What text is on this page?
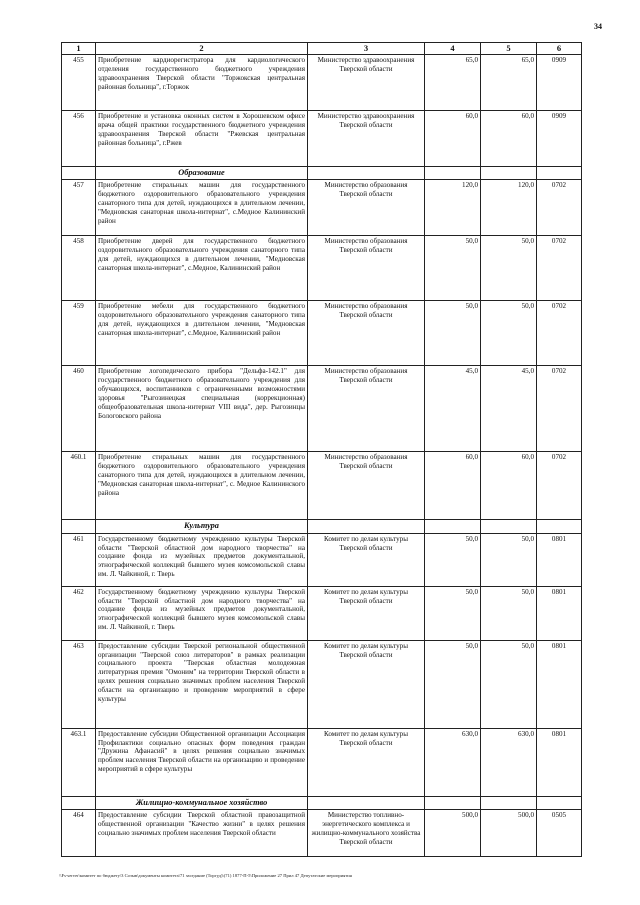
34
1	2	3	4	5	6
455	Приобретение кардиорегистратора для кардиологического отделения государственного бюджетного учреждения здравоохранения Тверской области "Торжокская центральная районная больница", г.Торжок	Министерство здравоохранения Тверской области	65,0	65,0	0909
456	Приобретение и установка оконных систем в Хорошевском офисе врача общей практики государственного бюджетного учреждения здравоохранения Тверской области "Ржевская центральная районная больница", г.Ржев	Министерство здравоохранения Тверской области	60,0	60,0	0909
	Образование				
457	Приобретение стиральных машин для государственного бюджетного оздоровительного образовательного учреждения санаторного типа для детей, нуждающихся в длительном лечении, "Медновская санаторная школа-интернат", с.Медное Калининский район	Министерство образования Тверской области	120,0	120,0	0702
458	Приобретение дверей для государственного бюджетного оздоровительного образовательного учреждения санаторного типа для детей, нуждающихся в длительном лечении, "Медновская санаторная школа-интернат", с.Медное, Калининский район	Министерство образования Тверской области	50,0	50,0	0702
459	Приобретение мебели для государственного бюджетного оздоровительного образовательного учреждения санаторного типа для детей, нуждающихся в длительном лечении, "Медновская санаторная школа-интернат", с.Медное, Калининский район	Министерство образования Тверской области	50,0	50,0	0702
460	Приобретение логопедического прибора "Дельфа-142.1" для государственного бюджетного образовательного учреждения для обучающихся, воспитанников с ограниченными возможностями здоровья "Рыгозинецкая специальная (коррекционная) общеобразовательная школа-интернат VIII вида", дер. Рыгозинцы Бологовского района	Министерство образования Тверской области	45,0	45,0	0702
460.1	Приобретение стиральных машин для государственного бюджетного оздоровительного образовательного учреждения санаторного типа для детей, нуждающихся в длительном лечении, "Медновская санаторная школа-интернат", с. Медное Калининского района	Министерство образования Тверской области	60,0	60,0	0702
	Культура				
461	Государственному бюджетному учреждению культуры Тверской области "Тверской областной дом народного творчества" на создание фонда из музейных предметов документальной, этнографической коллекций бывшего музея комсомольской славы им. Л. Чайкиной, г. Тверь	Комитет по делам культуры Тверской области	50,0	50,0	0801
462	Государственному бюджетному учреждению культуры Тверской области "Тверской областной дом народного творчества" на создание фонда из музейных предметов документальной, этнографической коллекций бывшего музея комсомольской славы им. Л. Чайкиной, г. Тверь	Комитет по делам культуры Тверской области	50,0	50,0	0801
463	Предоставление субсидии Тверской региональной общественной организации "Тверской союз литераторов" в рамках реализации социального проекта "Тверская областная молодежная литературная премия "Омоним" на территории Тверской области в целях решения социально значимых проблем населения Тверской области на организацию и проведение мероприятий в сфере культуры	Комитет по делам культуры Тверской области	50,0	50,0	0801
463.1	Предоставление субсидии Общественной организации Ассоциация Профилактики социально опасных форм поведения граждан "Дружина Афанасий" в целях решения социально значимых проблем населения Тверской области на организацию и проведение мероприятий в сфере культуры	Комитет по делам культуры Тверской области	630,0	630,0	0801
	Жилищно-коммунальное хозяйство				
464	Предоставление субсидии Тверской областной правозащитной общественной организации "Качество жизни" в целях решения социально значимых проблем населения Тверской области	Министерство топливно-энергетического комплекса и жилищно-коммунального хозяйства Тверской области	500,0	500,0	0505
\\Fs-server\комитет по бюджету\3 Созыв\документы комитета\71 заседание (Торгуд)\(71) 1877-П-5\Приложение 27 Прил 47 Депутатские мероприятия
